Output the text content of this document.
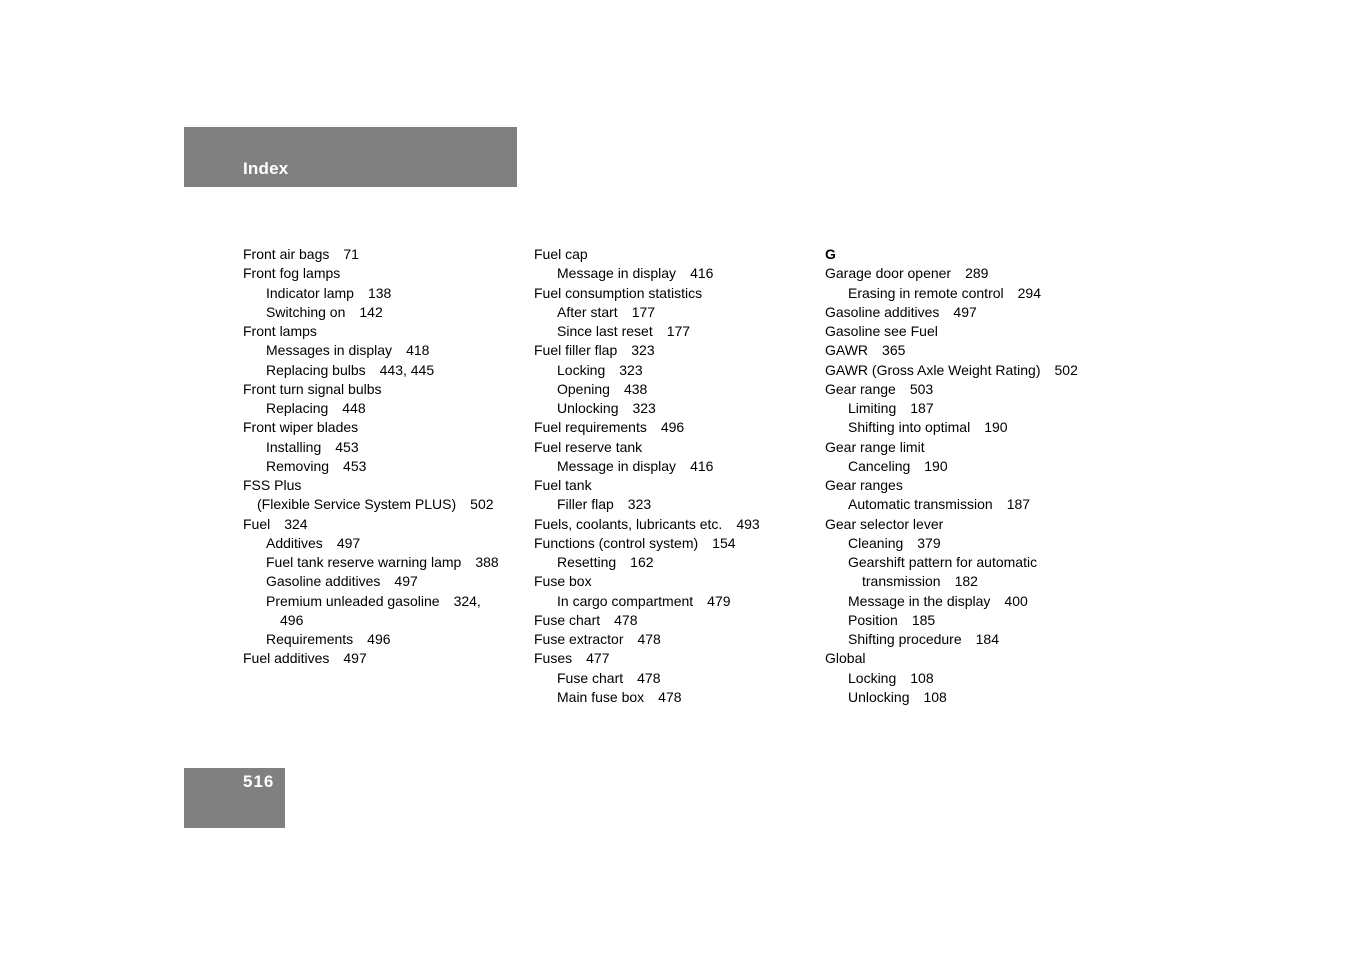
Index
Front air bags 71
Front fog lamps
Indicator lamp 138
Switching on 142
Front lamps
Messages in display 418
Replacing bulbs 443, 445
Front turn signal bulbs
Replacing 448
Front wiper blades
Installing 453
Removing 453
FSS Plus
(Flexible Service System PLUS) 502
Fuel 324
Additives 497
Fuel tank reserve warning lamp 388
Gasoline additives 497
Premium unleaded gasoline 324,
496
Requirements 496
Fuel additives 497
Fuel cap
Message in display 416
Fuel consumption statistics
After start 177
Since last reset 177
Fuel filler flap 323
Locking 323
Opening 438
Unlocking 323
Fuel requirements 496
Fuel reserve tank
Message in display 416
Fuel tank
Filler flap 323
Fuels, coolants, lubricants etc. 493
Functions (control system) 154
Resetting 162
Fuse box
In cargo compartment 479
Fuse chart 478
Fuse extractor 478
Fuses 477
Fuse chart 478
Main fuse box 478
G
Garage door opener 289
Erasing in remote control 294
Gasoline additives 497
Gasoline see Fuel
GAWR 365
GAWR (Gross Axle Weight Rating) 502
Gear range 503
Limiting 187
Shifting into optimal 190
Gear range limit
Canceling 190
Gear ranges
Automatic transmission 187
Gear selector lever
Cleaning 379
Gearshift pattern for automatic
transmission 182
Message in the display 400
Position 185
Shifting procedure 184
Global
Locking 108
Unlocking 108
516
